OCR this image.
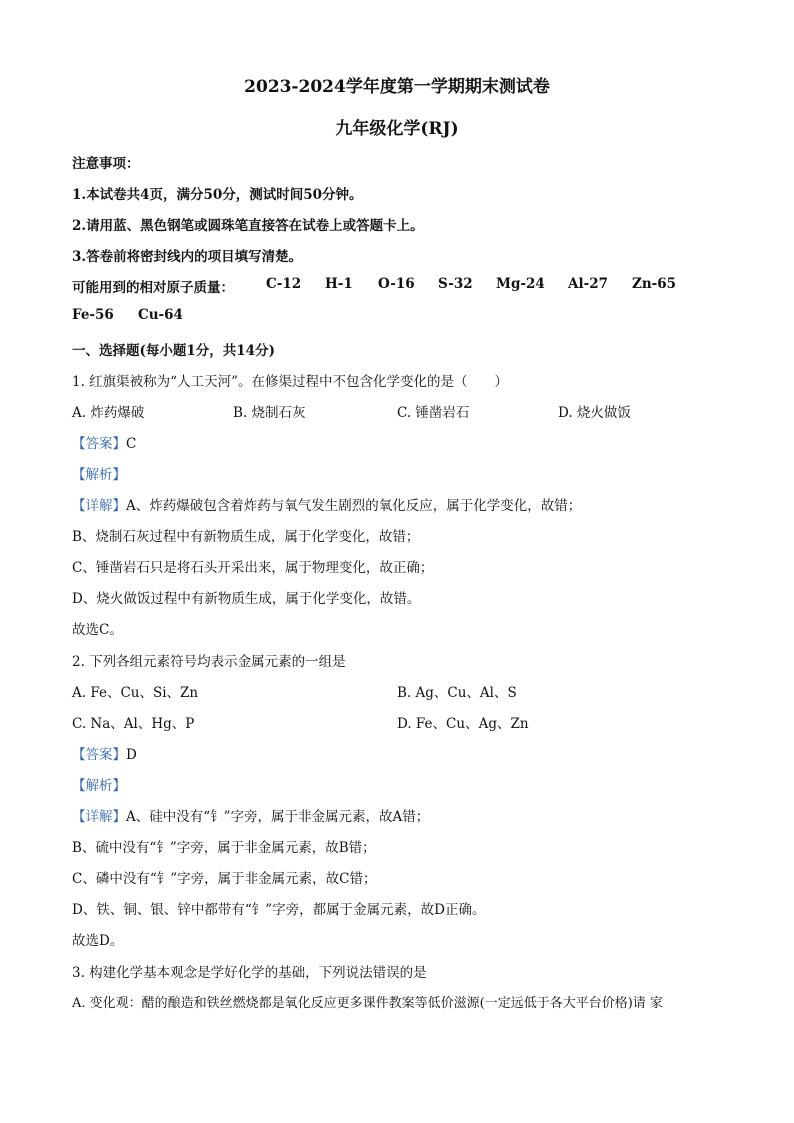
2023-2024学年度第一学期期末测试卷
九年级化学(RJ)
注意事项：
1.本试卷共4页，满分50分，测试时间50分钟。
2.请用蓝、黑色钢笔或圆珠笔直接答在试卷上或答题卡上。
3.答卷前将密封线内的项目填写清楚。
可能用到的相对原子质量： C-12 H-1 O-16 S-32 Mg-24 Al-27 Zn-65
Fe-56 Cu-64
一、选择题(每小题1分，共14分)
1. 红旗渠被称为“人工天河”。在修渠过程中不包含化学变化的是（　　）
A. 炸药爆破	B. 烧制石灰	C. 锤凿岩石	D. 烧火做饭
【答案】C
【解析】
【详解】A、炸药爆破包含着炸药与氧气发生剧烈的氧化反应，属于化学变化，故错；
B、烧制石灰过程中有新物质生成，属于化学变化，故错；
C、锤凿岩石只是将石头开采出来，属于物理变化，故正确；
D、烧火做饭过程中有新物质生成，属于化学变化，故错。
故选C。
2. 下列各组元素符号均表示金属元素的一组是
A. Fe、Cu、Si、Zn	B. Ag、Cu、Al、S
C. Na、Al、Hg、P	D. Fe、Cu、Ag、Zn
【答案】D
【解析】
【详解】A、硅中没有“钅”字旁，属于非金属元素，故A错；
B、硫中没有“钅”字旁，属于非金属元素，故B错；
C、磷中没有“钅”字旁，属于非金属元素，故C错；
D、铁、铜、银、锌中都带有“钅”字旁，都属于金属元素，故D正确。
故选D。
3. 构建化学基本观念是学好化学的基础，下列说法错误的是
A. 变化观：醋的酿造和铁丝燃烧都是氧化反应更多课件教案等低价滋源(一定远低于各大平台价格)请 家
